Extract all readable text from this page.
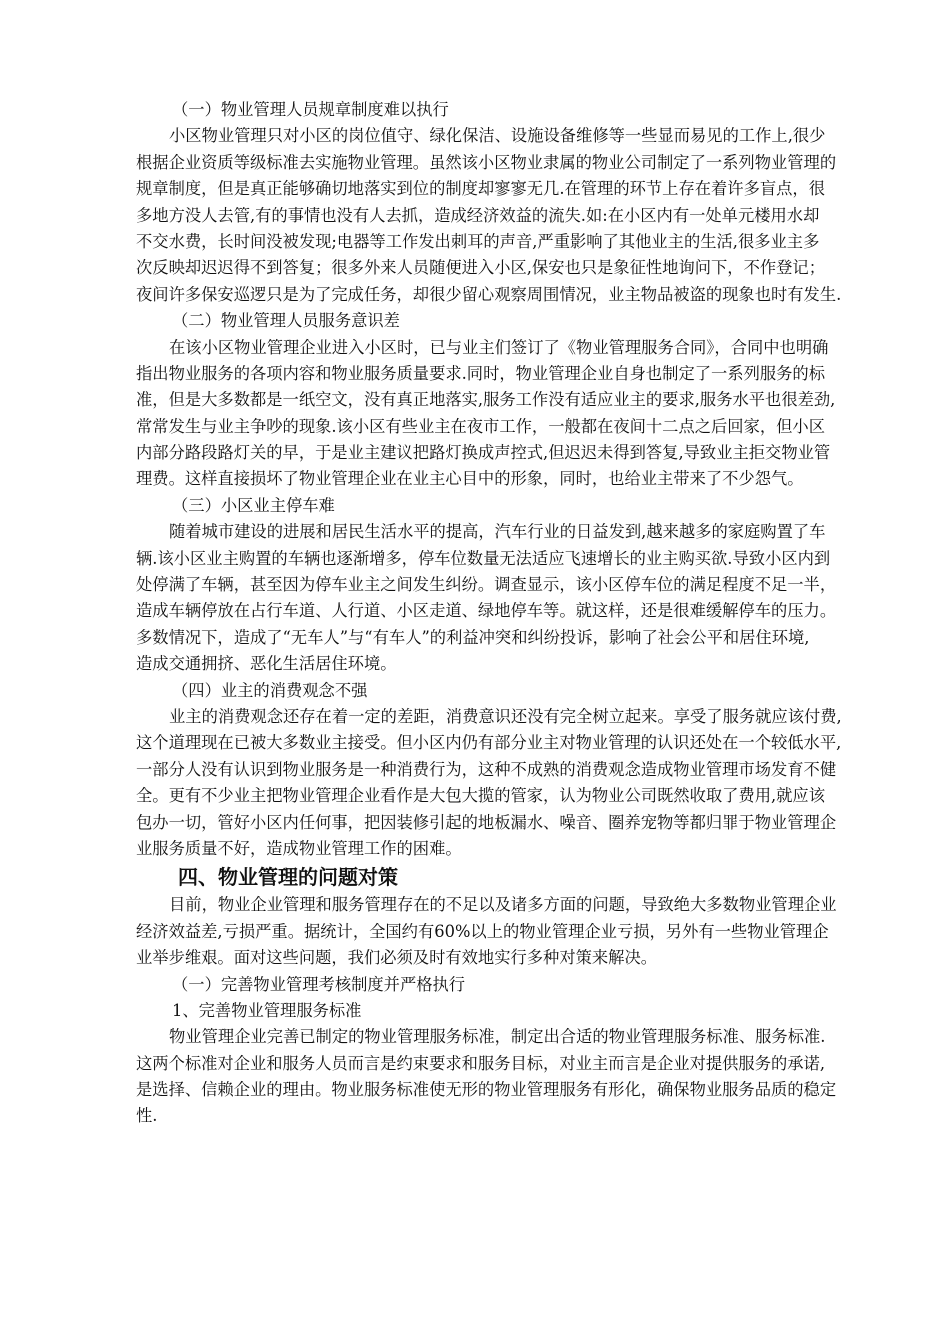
（一）物业管理人员规章制度难以执行
小区物业管理只对小区的岗位值守、绿化保洁、设施设备维修等一些显而易见的工作上,很少
根据企业资质等级标准去实施物业管理。虽然该小区物业隶属的物业公司制定了一系列物业管理的
规章制度，但是真正能够确切地落实到位的制度却寥寥无几.在管理的环节上存在着许多盲点，很
多地方没人去管,有的事情也没有人去抓，造成经济效益的流失.如:在小区内有一处单元楼用水却
不交水费，长时间没被发现;电器等工作发出刺耳的声音,严重影响了其他业主的生活,很多业主多
次反映却迟迟得不到答复；很多外来人员随便进入小区,保安也只是象征性地询问下，不作登记；
夜间许多保安巡逻只是为了完成任务，却很少留心观察周围情况，业主物品被盗的现象也时有发生.
（二）物业管理人员服务意识差
在该小区物业管理企业进入小区时，已与业主们签订了《物业管理服务合同》，合同中也明确
指出物业服务的各项内容和物业服务质量要求.同时，物业管理企业自身也制定了一系列服务的标
准，但是大多数都是一纸空文，没有真正地落实,服务工作没有适应业主的要求,服务水平也很差劲,
常常发生与业主争吵的现象.该小区有些业主在夜市工作，一般都在夜间十二点之后回家，但小区
内部分路段路灯关的早，于是业主建议把路灯换成声控式,但迟迟未得到答复,导致业主拒交物业管
理费。这样直接损坏了物业管理企业在业主心目中的形象，同时，也给业主带来了不少怨气。
（三）小区业主停车难
随着城市建设的进展和居民生活水平的提高，汽车行业的日益发到,越来越多的家庭购置了车
辆.该小区业主购置的车辆也逐渐增多，停车位数量无法适应飞速增长的业主购买欲.导致小区内到
处停满了车辆，甚至因为停车业主之间发生纠纷。调查显示，该小区停车位的满足程度不足一半，
造成车辆停放在占行车道、人行道、小区走道、绿地停车等。就这样，还是很难缓解停车的压力。
多数情况下，造成了“无车人”与“有车人”的利益冲突和纠纷投诉，影响了社会公平和居住环境,
造成交通拥挤、恶化生活居住环境。
（四）业主的消费观念不强
业主的消费观念还存在着一定的差距，消费意识还没有完全树立起来。享受了服务就应该付费,
这个道理现在已被大多数业主接受。但小区内仍有部分业主对物业管理的认识还处在一个较低水平,
一部分人没有认识到物业服务是一种消费行为，这种不成熟的消费观念造成物业管理市场发育不健
全。更有不少业主把物业管理企业看作是大包大揽的管家，认为物业公司既然收取了费用,就应该
包办一切，管好小区内任何事，把因装修引起的地板漏水、噪音、圈养宠物等都归罪于物业管理企
业服务质量不好，造成物业管理工作的困难。
四、物业管理的问题对策
目前，物业企业管理和服务管理存在的不足以及诸多方面的问题，导致绝大多数物业管理企业
经济效益差,亏损严重。据统计，全国约有60%以上的物业管理企业亏损，另外有一些物业管理企
业举步维艰。面对这些问题，我们必须及时有效地实行多种对策来解决。
（一）完善物业管理考核制度并严格执行
1、完善物业管理服务标准
物业管理企业完善已制定的物业管理服务标准，制定出合适的物业管理服务标准、服务标准.
这两个标准对企业和服务人员而言是约束要求和服务目标，对业主而言是企业对提供服务的承诺,
是选择、信赖企业的理由。物业服务标准使无形的物业管理服务有形化，确保物业服务品质的稳定
性.
